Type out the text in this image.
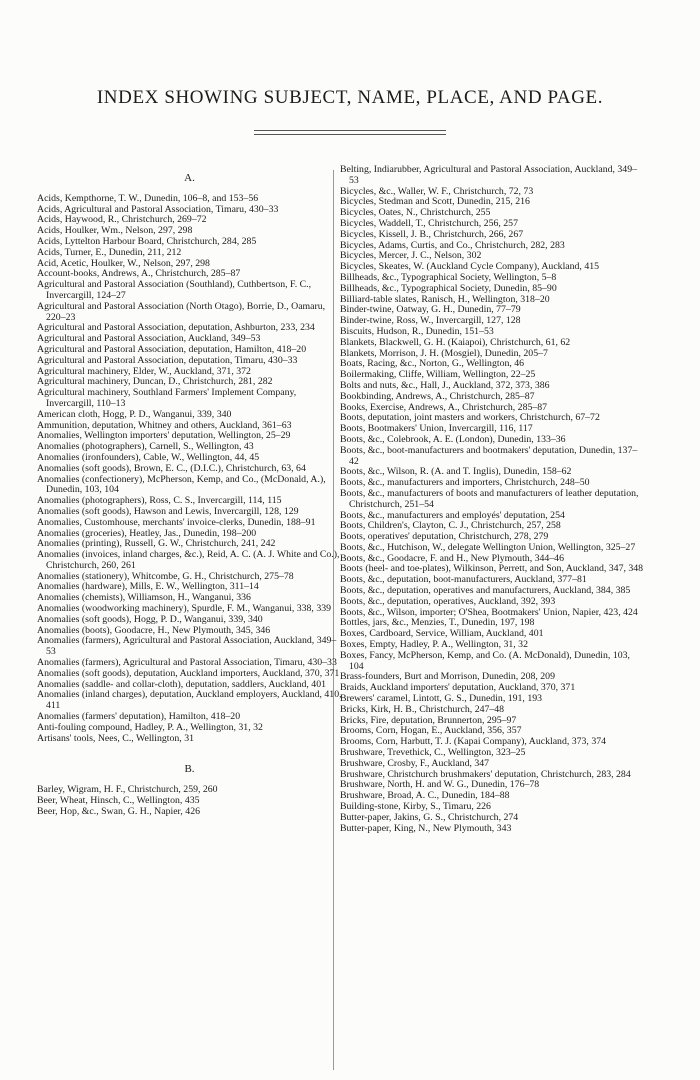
INDEX SHOWING SUBJECT, NAME, PLACE, AND PAGE.
A.

Acids, Kempthorne, T. W., Dunedin, 106–8, and 153–56

Acids, Agricultural and Pastoral Association, Timaru, 430–33

Acids, Haywood, R., Christchurch, 269–72

Acids, Houlker, Wm., Nelson, 297, 298

Acids, Lyttelton Harbour Board, Christchurch, 284, 285

Acids, Turner, E., Dunedin, 211, 212

Acid, Acetic, Houlker, W., Nelson, 297, 298

Account-books, Andrews, A., Christchurch, 285–87

Agricultural and Pastoral Association (Southland), Cuthbertson, F. C., Invercargill, 124–27

Agricultural and Pastoral Association (North Otago), Borrie, D., Oamaru, 220–23

Agricultural and Pastoral Association, deputation, Ashburton, 233, 234

Agricultural and Pastoral Association, Auckland, 349–53

Agricultural and Pastoral Association, deputation, Hamilton, 418–20

Agricultural and Pastoral Association, deputation, Timaru, 430–33

Agricultural machinery, Elder, W., Auckland, 371, 372

Agricultural machinery, Duncan, D., Christchurch, 281, 282

Agricultural machinery, Southland Farmers' Implement Company, Invercargill, 110–13

American cloth, Hogg, P. D., Wanganui, 339, 340

Ammunition, deputation, Whitney and others, Auckland, 361–63

Anomalies, Wellington importers' deputation, Wellington, 25–29

Anomalies (photographers), Carnell, S., Wellington, 43

Anomalies (ironfounders), Cable, W., Wellington, 44, 45

Anomalies (soft goods), Brown, E. C., (D.I.C.), Christchurch, 63, 64

Anomalies (confectionery), McPherson, Kemp, and Co., (McDonald, A.), Dunedin, 103, 104

Anomalies (photographers), Ross, C. S., Invercargill, 114, 115

Anomalies (soft goods), Hawson and Lewis, Invercargill, 128, 129

Anomalies, Customhouse, merchants' invoice-clerks, Dunedin, 188–91

Anomalies (groceries), Heatley, Jas., Dunedin, 198–200

Anomalies (printing), Russell, G. W., Christchurch, 241, 242

Anomalies (invoices, inland charges, &c.), Reid, A. C. (A. J. White and Co.), Christchurch, 260, 261

Anomalies (stationery), Whitcombe, G. H., Christchurch, 275–78

Anomalies (hardware), Mills, E. W., Wellington, 311–14

Anomalies (chemists), Williamson, H., Wanganui, 336

Anomalies (woodworking machinery), Spurdle, F. M., Wanganui, 338, 339

Anomalies (soft goods), Hogg, P. D., Wanganui, 339, 340

Anomalies (boots), Goodacre, H., New Plymouth, 345, 346

Anomalies (farmers), Agricultural and Pastoral Association, Auckland, 349–53

Anomalies (farmers), Agricultural and Pastoral Association, Timaru, 430–33

Anomalies (soft goods), deputation, Auckland importers, Auckland, 370, 371

Anomalies (saddle- and collar-cloth), deputation, saddlers, Auckland, 401

Anomalies (inland charges), deputation, Auckland employers, Auckland, 410, 411

Anomalies (farmers' deputation), Hamilton, 418–20

Anti-fouling compound, Hadley, P. A., Wellington, 31, 32

Artisans' tools, Nees, C., Wellington, 31

B.

Barley, Wigram, H. F., Christchurch, 259, 260

Beer, Wheat, Hinsch, C., Wellington, 435

Beer, Hop, &c., Swan, G. H., Napier, 426

Belting, Indiarubber, Agricultural and Pastoral Association, Auckland, 349–53

Bicycles, &c., Waller, W. F., Christchurch, 72, 73

Bicycles, Stedman and Scott, Dunedin, 215, 216

Bicycles, Oates, N., Christchurch, 255

Bicycles, Waddell, T., Christchurch, 256, 257

Bicycles, Kissell, J. B., Christchurch, 266, 267

Bicycles, Adams, Curtis, and Co., Christchurch, 282, 283

Bicycles, Mercer, J. C., Nelson, 302

Bicycles, Skeates, W. (Auckland Cycle Company), Auckland, 415

Billheads, &c., Typographical Society, Wellington, 5–8

Billheads, &c., Typographical Society, Dunedin, 85–90

Billiard-table slates, Ranisch, H., Wellington, 318–20

Binder-twine, Oatway, G. H., Dunedin, 77–79

Binder-twine, Ross, W., Invercargill, 127, 128

Biscuits, Hudson, R., Dunedin, 151–53

Blankets, Blackwell, G. H. (Kaiapoi), Christchurch, 61, 62

Blankets, Morrison, J. H. (Mosgiel), Dunedin, 205–7

Boats, Racing, &c., Norton, G., Wellington, 46

Boilermaking, Cliffe, William, Wellington, 22–25

Bolts and nuts, &c., Hall, J., Auckland, 372, 373, 386

Bookbinding, Andrews, A., Christchurch, 285–87

Books, Exercise, Andrews, A., Christchurch, 285–87

Boots, deputation, joint masters and workers, Christchurch, 67–72

Boots, Bootmakers' Union, Invercargill, 116, 117

Boots, &c., Colebrook, A. E. (London), Dunedin, 133–36

Boots, &c., boot-manufacturers and bootmakers' deputation, Dunedin, 137–42

Boots, &c., Wilson, R. (A. and T. Inglis), Dunedin, 158–62

Boots, &c., manufacturers and importers, Christchurch, 248–50

Boots, &c., manufacturers of boots and manufacturers of leather deputation, Christchurch, 251–54

Boots, &c., manufacturers and employés' deputation, 254

Boots, Children's, Clayton, C. J., Christchurch, 257, 258

Boots, operatives' deputation, Christchurch, 278, 279

Boots, &c., Hutchison, W., delegate Wellington Union, Wellington, 325–27

Boots, &c., Goodacre, F. and H., New Plymouth, 344–46

Boots (heel- and toe-plates), Wilkinson, Perrett, and Son, Auckland, 347, 348

Boots, &c., deputation, boot-manufacturers, Auckland, 377–81

Boots, &c., deputation, operatives and manufacturers, Auckland, 384, 385

Boots, &c., deputation, operatives, Auckland, 392, 393

Boots, &c., Wilson, importer; O'Shea, Bootmakers' Union, Napier, 423, 424

Bottles, jars, &c., Menzies, T., Dunedin, 197, 198

Boxes, Cardboard, Service, William, Auckland, 401

Boxes, Empty, Hadley, P. A., Wellington, 31, 32

Boxes, Fancy, McPherson, Kemp, and Co. (A. McDonald), Dunedin, 103, 104

Brass-founders, Burt and Morrison, Dunedin, 208, 209

Braids, Auckland importers' deputation, Auckland, 370, 371

Brewers' caramel, Lintott, G. S., Dunedin, 191, 193

Bricks, Kirk, H. B., Christchurch, 247–48

Bricks, Fire, deputation, Brunnerton, 295–97

Brooms, Corn, Hogan, E., Auckland, 356, 357

Brooms, Corn, Harbutt, T. J. (Kapai Company), Auckland, 373, 374

Brushware, Trevethick, C., Wellington, 323–25

Brushware, Crosby, F., Auckland, 347

Brushware, Christchurch brushmakers' deputation, Christchurch, 283, 284

Brushware, North, H. and W. G., Dunedin, 176–78

Brushware, Broad, A. C., Dunedin, 184–88

Building-stone, Kirby, S., Timaru, 226

Butter-paper, Jakins, G. S., Christchurch, 274

Butter-paper, King, N., New Plymouth, 343
